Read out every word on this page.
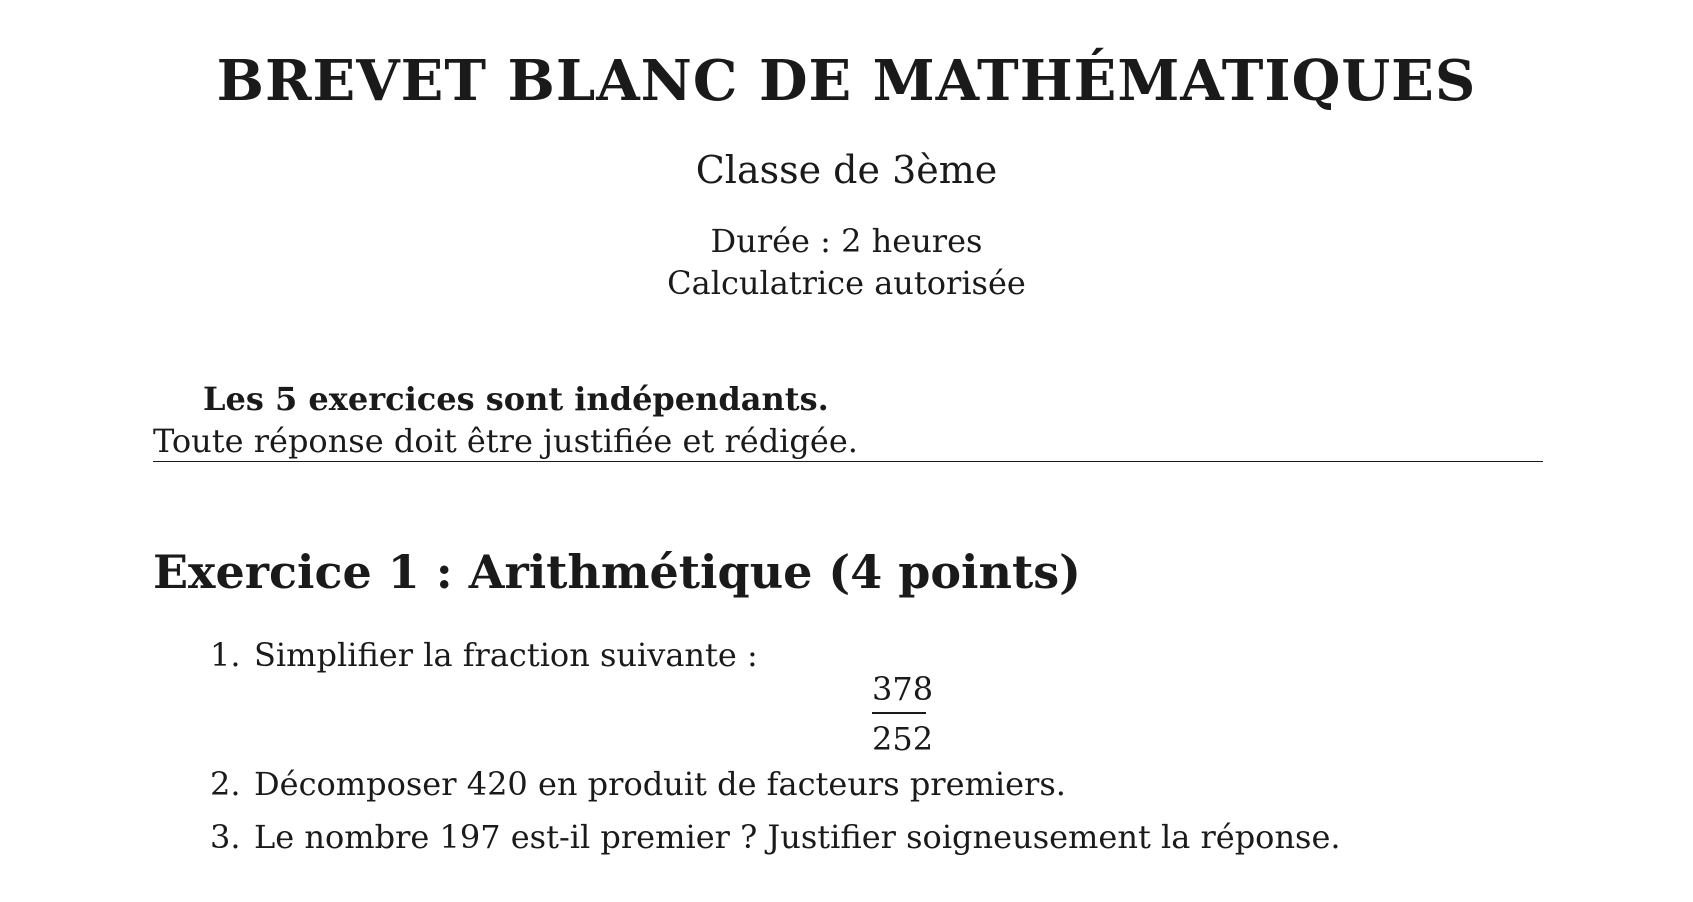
BREVET BLANC DE MATHÉMATIQUES
Classe de 3ème
Durée : 2 heures
Calculatrice autorisée
Les 5 exercices sont indépendants.
Toute réponse doit être justifiée et rédigée.
Exercice 1 : Arithmétique (4 points)
1. Simplifier la fraction suivante :
378
252
2. Décomposer 420 en produit de facteurs premiers.
3. Le nombre 197 est-il premier ? Justifier soigneusement la réponse.
